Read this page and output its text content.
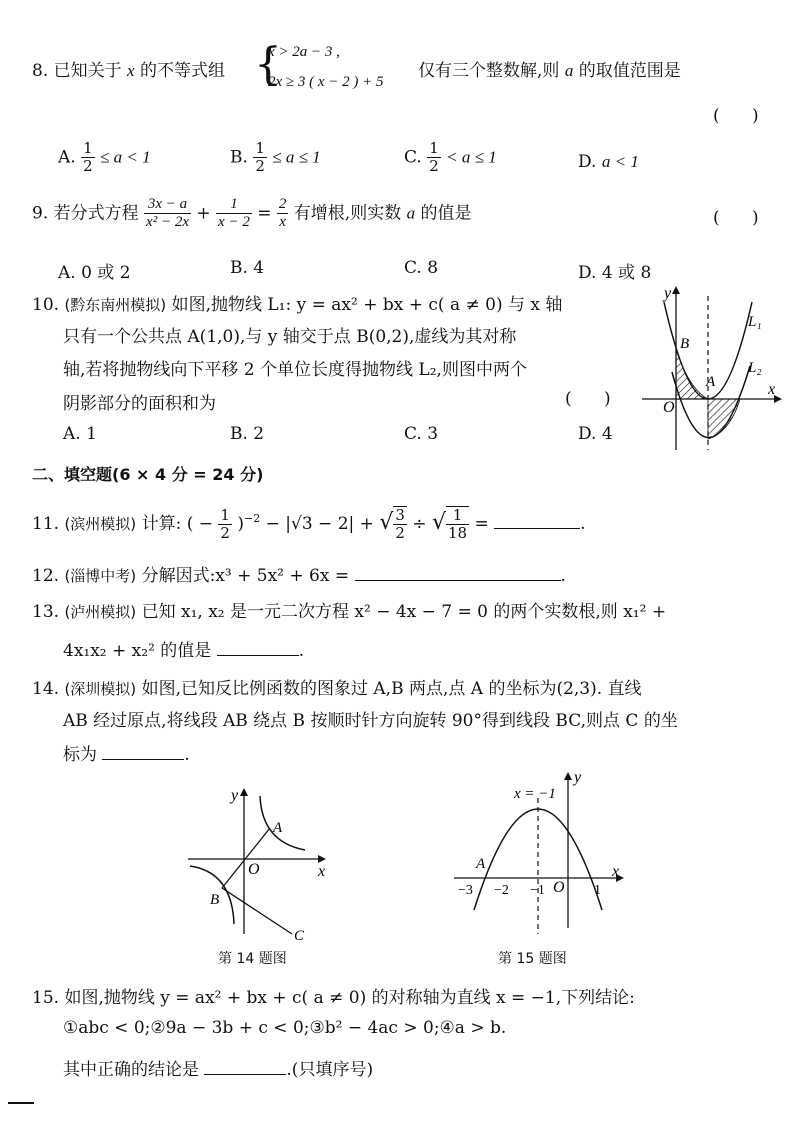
8. 已知关于 x 的不等式组 {
x > 2a − 3 ,
2x ≥ 3 ( x − 2 ) + 5
仅有三个整数解,则 a 的取值范围是
(      )
A. $\frac{1}{2} \le a < 1$	B. $\frac{1}{2} \le a \le 1$	C. $\frac{1}{2} < a \le 1$	D. a < 1
9. 若分式方程 $\frac{3x - a}{\text{x² − 2x}} + \frac{1}{x - 2} = \frac{2}{x}$ 有增根,则实数 a 的值是	(      )
A. 0 或 2	B. 4	C. 8	D. 4 或 8
10. (黔东南州模拟) 如图,抛物线 L₁: y = ax² + bx + c( a ≠ 0) 与 x 轴
只有一个公共点 A(1,0),与 y 轴交于点 B(0,2),虚线为其对称
轴,若将抛物线向下平移 2 个单位长度得抛物线 L₂,则图中两个
阴影部分的面积和为	(      )
A. 1	B. 2	C. 3	D. 4
y
x
O
A
B
L₁
L₂
二、填空题(6 × 4 分 = 24 分)
11. (滨州模拟) 计算: ( − $\frac{1}{2} )^{-2} - |√3 - 2|$ + √ $\frac{3}{2}$ ÷ √ $\frac{1}{18}$ =	.
12. (淄博中考) 分解因式:x³ + 5x² + 6x =	.
13. (泸州模拟) 已知 x₁, x₂ 是一元二次方程 x² − 4x − 7 = 0 的两个实数根,则 x₁² +
4x₁x₂ + x₂² 的值是	.
14. (深圳模拟) 如图,已知反比例函数的图象过 A,B 两点,点 A 的坐标为(2,3). 直线
AB 经过原点,将线段 AB 绕点 B 按顺时针方向旋转 90°得到线段 BC,则点 C 的坐
标为	.
y
x
O
A
B
C
第 14 题图
y
x
O
A
x = −1
−3 −2 −1	1
第 15 题图
15. 如图,抛物线 y = ax² + bx + c( a ≠ 0) 的对称轴为直线 x = −1,下列结论:
①abc < 0;②9a − 3b + c < 0;③b² − 4ac > 0;④a > b.
其中正确的结论是	.(只填序号)
